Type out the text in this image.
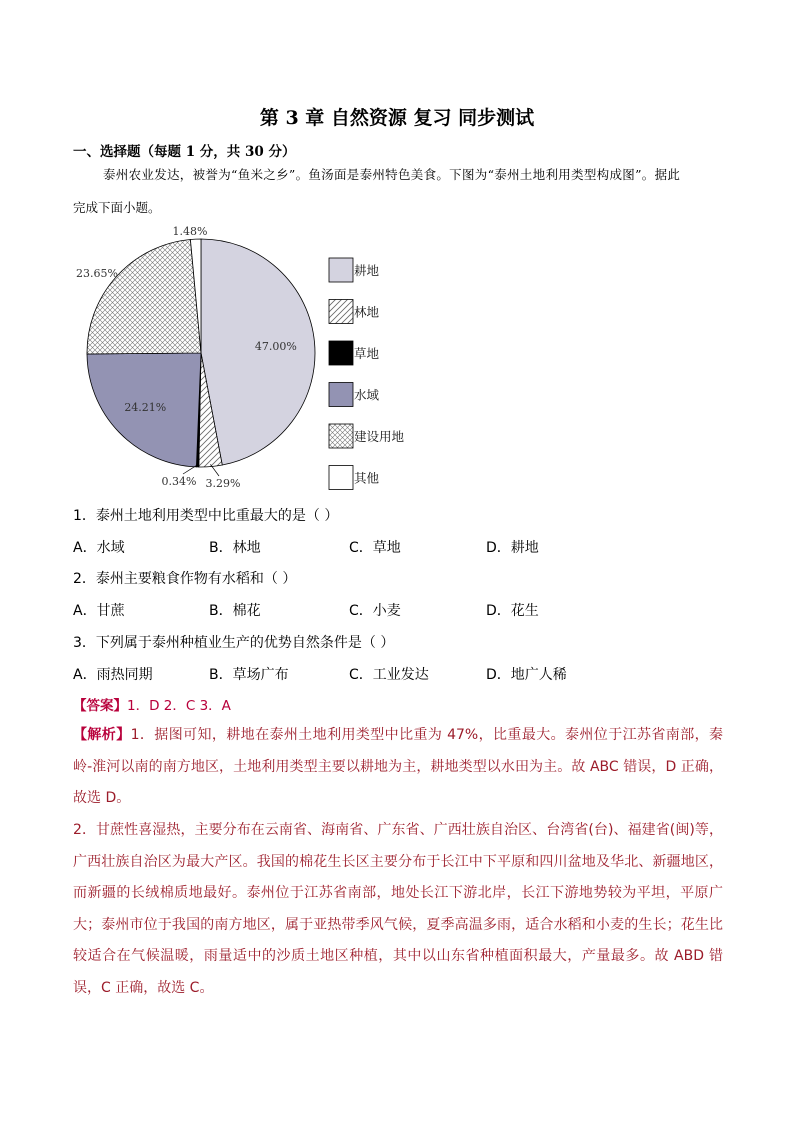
第 3 章 自然资源 复习 同步测试
一、选择题（每题 1 分，共 30 分）
泰州农业发达，被誉为“鱼米之乡”。鱼汤面是泰州特色美食。下图为“泰州土地利用类型构成图”。据此
完成下面小题。
47.00%
3.29%
0.34%
24.21%
23.65%
1.48%
耕地
林地
草地
水域
建设用地
其他
1．泰州土地利用类型中比重最大的是（ ）
A．水域	B．林地	C．草地	D．耕地
2．泰州主要粮食作物有水稻和（ ）
A．甘蔗	B．棉花	C．小麦	D．花生
3．下列属于泰州种植业生产的优势自然条件是（ ）
A．雨热同期	B．草场广布	C．工业发达	D．地广人稀
【答案】1．D 2．C 3．A
【解析】1．据图可知，耕地在泰州土地利用类型中比重为 47%，比重最大。泰州位于江苏省南部，秦岭-淮河以南的南方地区，土地利用类型主要以耕地为主，耕地类型以水田为主。故 ABC 错误，D 正确，故选 D。
2．甘蔗性喜湿热，主要分布在云南省、海南省、广东省、广西壮族自治区、台湾省(台)、福建省(闽)等，广西壮族自治区为最大产区。我国的棉花生长区主要分布于长江中下平原和四川盆地及华北、新疆地区，而新疆的长绒棉质地最好。泰州位于江苏省南部，地处长江下游北岸，长江下游地势较为平坦，平原广大；泰州市位于我国的南方地区，属于亚热带季风气候，夏季高温多雨，适合水稻和小麦的生长；花生比较适合在气候温暖，雨量适中的沙质土地区种植，其中以山东省种植面积最大，产量最多。故 ABD 错误，C 正确，故选 C。
